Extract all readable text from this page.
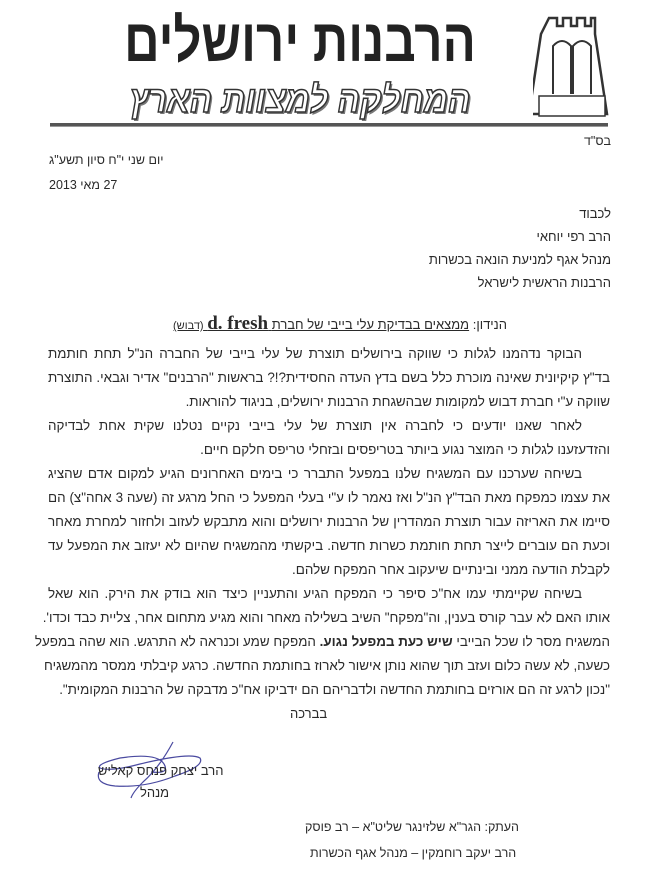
הרבנות ירושלים
המחלקה למצוות הארץ
בס"ד
יום שני י"ח סיון תשע"ג
27 מאי 2013
לכבוד
הרב רפי יוחאי
מנהל אגף למניעת הונאה בכשרות
הרבנות הראשית לישראל
הנידון: ממצאים בבדיקת עלי בייבי של חברת d. fresh (דבוש)
הבוקר נדהמנו לגלות כי שווקה בירושלים תוצרת של עלי בייבי של החברה הנ"ל תחת חותמת
בד"ץ קיקיונית שאינה מוכרת כלל בשם בדץ העדה החסידית?!? בראשות "הרבנים" אדיר וגבאי. התוצרת
שווקה ע"י חברת דבוש למקומות שבהשגחת הרבנות ירושלים, בניגוד להוראות.
לאחר שאנו יודעים כי לחברה אין תוצרת של עלי בייבי נקיים נטלנו שקית אחת לבדיקה
והזדעזענו לגלות כי המוצר נגוע ביותר בטריפסים ובזחלי טריפס חלקם חיים.
בשיחה שערכנו עם המשגיח שלנו במפעל התברר כי בימים האחרונים הגיע למקום אדם שהציג
את עצמו כמפקח מאת הבד"ץ הנ"ל ואז נאמר לו ע"י בעלי המפעל כי החל מרגע זה (שעה 3 אחה"צ) הם
סיימו את האריזה עבור תוצרת המהדרין של הרבנות ירושלים והוא מתבקש לעזוב ולחזור למחרת מאחר
וכעת הם עוברים לייצר תחת חותמת כשרות חדשה. ביקשתי מהמשגיח שהיום לא יעזוב את המפעל עד
לקבלת הודעה ממני ובינתיים שיעקוב אחר המפקח שלהם.
בשיחה שקיימתי עמו אח"כ סיפר כי המפקח הגיע והתעניין כיצד הוא בודק את הירק. הוא שאל
אותו האם לא עבר קורס בענין, וה"מפקח" השיב בשלילה מאחר והוא מגיע מתחום אחר, צליית כבד וכדו'.
המשגיח מסר לו שכל הבייבי שיש כעת במפעל נגוע. המפקח שמע וכנראה לא התרגש. הוא שהה במפעל
כשעה, לא עשה כלום ועזב תוך שהוא נותן אישור לארוז בחותמת החדשה. כרגע קיבלתי ממסר מהמשגיח
"נכון לרגע זה הם אורזים בחותמת החדשה ולדבריהם הם ידביקו אח"כ מדבקה של הרבנות המקומית".
בברכה
הרב יצחק פנחס קאליש
מנהל
העתק: הגר"א שלזינגר שליט"א – רב פוסק
הרב יעקב רוחמקין – מנהל אגף הכשרות
